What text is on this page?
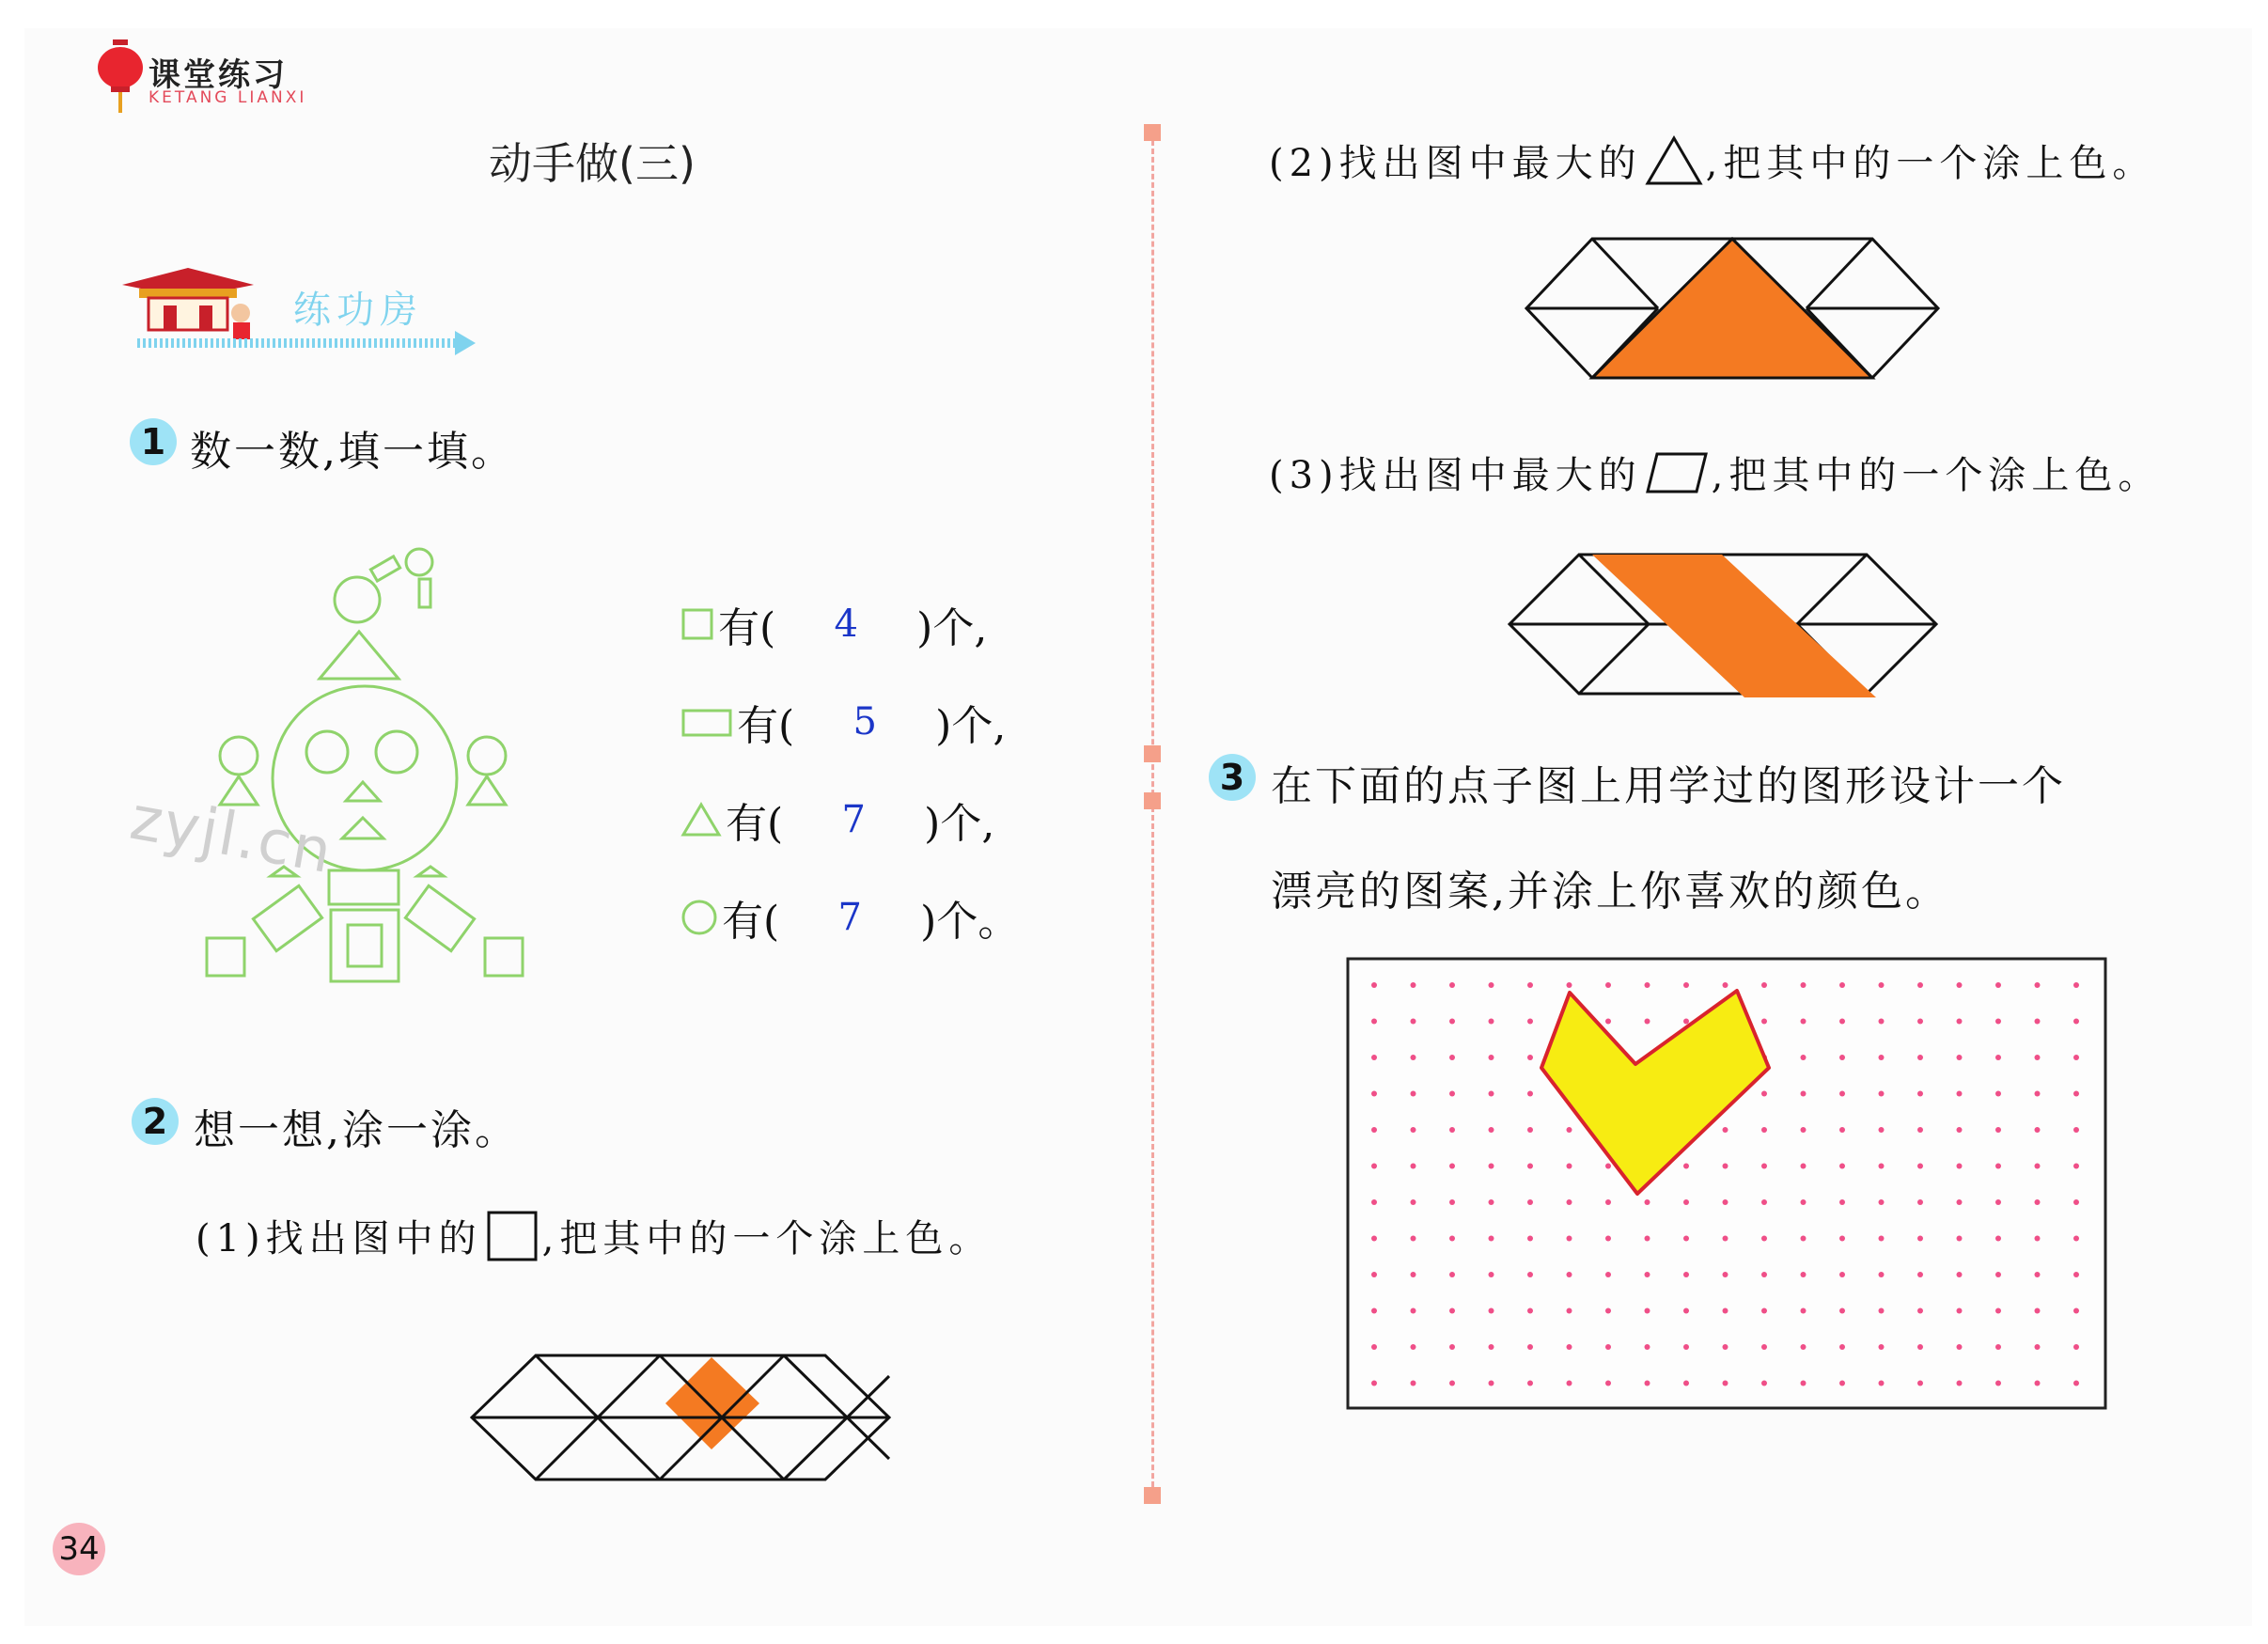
课堂练习
KETANG LIANXI
动手做(三)
练功房
1 数一数,填一填。
zyjl.cn
有(	4	)个,
有(	5	)个,
有(	7	)个,
有(	7	)个。
2 想一想,涂一涂。
(1)找出图中的 ,把其中的一个涂上色。
(2)找出图中最大的 ,把其中的一个涂上色。
(3)找出图中最大的 ,把其中的一个涂上色。
3 在下面的点子图上用学过的图形设计一个
漂亮的图案,并涂上你喜欢的颜色。
34
